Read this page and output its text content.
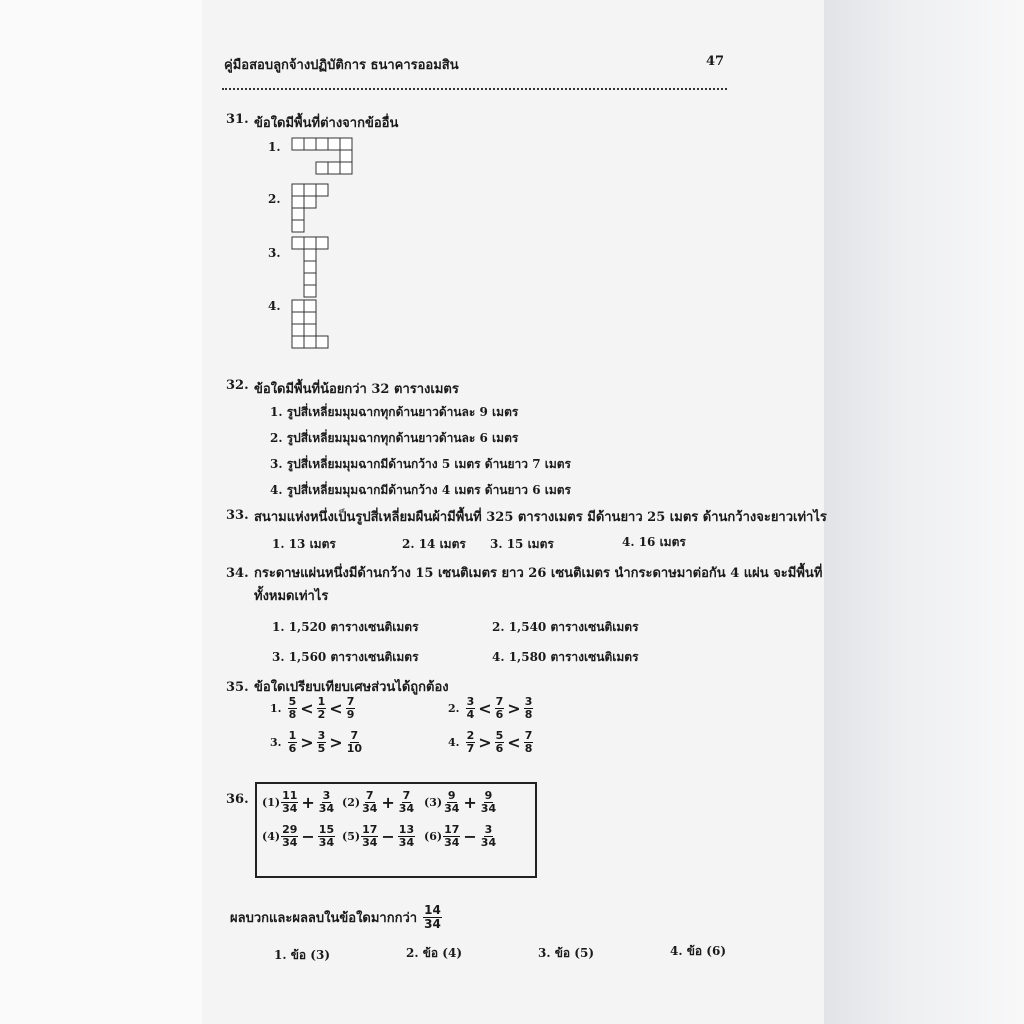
คู่มือสอบลูกจ้างปฏิบัติการ ธนาคารออมสิน	47
31. ข้อใดมีพื้นที่ต่างจากข้ออื่น
1.
2.
3.
4.
32. ข้อใดมีพื้นที่น้อยกว่า 32 ตารางเมตร
1. รูปสี่เหลี่ยมมุมฉากทุกด้านยาวด้านละ 9 เมตร
2. รูปสี่เหลี่ยมมุมฉากทุกด้านยาวด้านละ 6 เมตร
3. รูปสี่เหลี่ยมมุมฉากมีด้านกว้าง 5 เมตร ด้านยาว 7 เมตร
4. รูปสี่เหลี่ยมมุมฉากมีด้านกว้าง 4 เมตร ด้านยาว 6 เมตร
33. สนามแห่งหนึ่งเป็นรูปสี่เหลี่ยมผืนผ้ามีพื้นที่ 325 ตารางเมตร มีด้านยาว 25 เมตร ด้านกว้างจะยาวเท่าไร
1. 13 เมตร	2. 14 เมตร 3. 15 เมตร	4. 16 เมตร
34. กระดาษแผ่นหนึ่งมีด้านกว้าง 15 เซนติเมตร ยาว 26 เซนติเมตร นำกระดาษมาต่อกัน 4 แผ่น จะมีพื้นที่
ทั้งหมดเท่าไร
1. 1,520 ตารางเซนติเมตร	2. 1,540 ตารางเซนติเมตร
3. 1,560 ตารางเซนติเมตร	4. 1,580 ตารางเซนติเมตร
35. ข้อใดเปรียบเทียบเศษส่วนได้ถูกต้อง
1. $\frac{5}{8} < \frac{1}{2} < \frac{7}{9}$	2. $\frac{3}{4} < \frac{7}{6} > \frac{3}{8}$
3. $\frac{1}{6} > \frac{3}{5} > \frac{7}{10}$	4. $\frac{2}{7} > \frac{5}{6} < \frac{7}{8}$
36. $(1) \frac{11}{34} + \frac{3}{34} (2) \frac{7}{34} + \frac{7}{34} (3) \frac{9}{34} + \frac{9}{34}$
$(4) \frac{29}{34} - \frac{15}{34} (5) \frac{17}{34} - \frac{13}{34} (6) \frac{17}{34} - \frac{3}{34}$
ผลบวกและผลลบในข้อใดมากกว่า $\frac{14}{34}$
1. ข้อ (3)	2. ข้อ (4)	3. ข้อ (5)	4. ข้อ (6)
